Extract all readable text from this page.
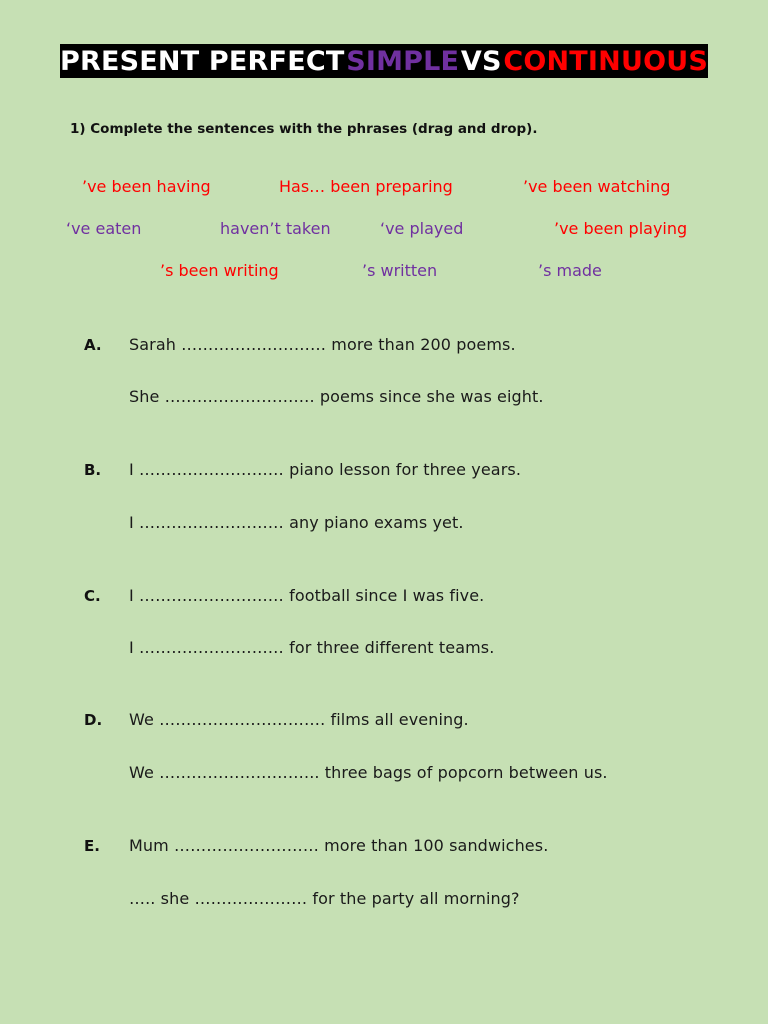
PRESENT PERFECT SIMPLE VS CONTINUOUS
1) Complete the sentences with the phrases (drag and drop).
’ve been having	Has… been preparing	’ve been watching
‘ve eaten	haven’t taken	‘ve played	’ve been playing
’s been writing	’s written	’s made
A. Sarah ……………………… more than 200 poems.
She ………………………. poems since she was eight.
B. I ……………………… piano lesson for three years.
I ……………………… any piano exams yet.
C. I ……………………… football since I was five.
I ……………………… for three different teams.
D. We …………………………. films all evening.
We ………………………... three bags of popcorn between us.
E. Mum ……………………… more than 100 sandwiches.
….. she ………………… for the party all morning?
